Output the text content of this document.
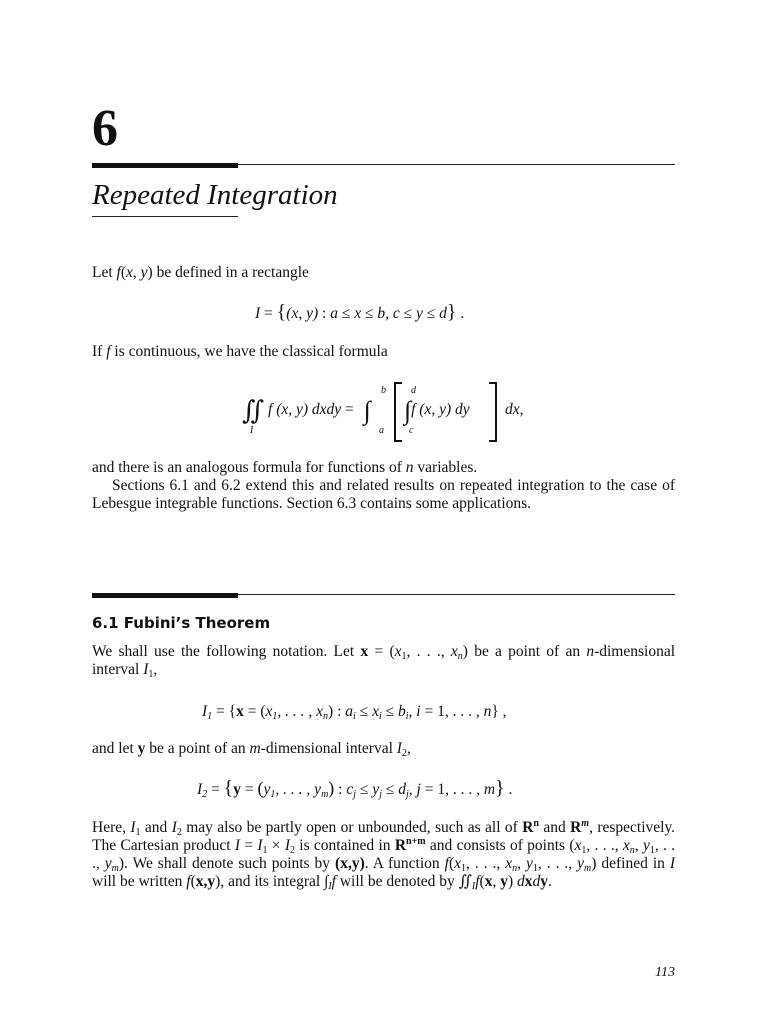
6
Repeated Integration
Let f(x, y) be defined in a rectangle
I = {(x, y) : a ≤ x ≤ b, c ≤ y ≤ d} .
If f is continuous, we have the classical formula
∬ f (x, y) dxdy = ∫
I
b
a
∫f (x, y) dy
d
c
dx,
and there is an analogous formula for functions of n variables.
Sections 6.1 and 6.2 extend this and related results on repeated integration to the case of Lebesgue integrable functions. Section 6.3 contains some applications.
6.1 Fubini’s Theorem
We shall use the following notation. Let $x = (x_1$, . . ., $x_n$) be a point of an n-dimensional interval $I_1$,
$I_1 = \{x = (x_1$, . . . , $x_n$) : $a_i \le x_i \le b_i$, i = 1, . . . , n} ,
and let y be a point of an m-dimensional interval $I_2$,
$I_2 = \{y = (y_1$, . . . , $y_m$) : $c_j \le y_j \le d_j$, j = 1, . . . , m} .
Here, $I_1$ and $I_2$ may also be partly open or unbounded, such as all of $R^n$ and $R^m$, respectively. The Cartesian product $I = I_1 \times I_2$ is contained in $R^{n+m}$ and consists of points ($x_1$, . . ., $x_n$, $y_1$, . . ., $y_m$). We shall denote such points by (x,y). A function $f(x_1$, . . ., $x_n$, $y_1$, . . ., $y_m$) defined in I will be written f(x,y), and its integral $\int_If$ will be denoted by $∬_If(x$, y) dxdy.
113
